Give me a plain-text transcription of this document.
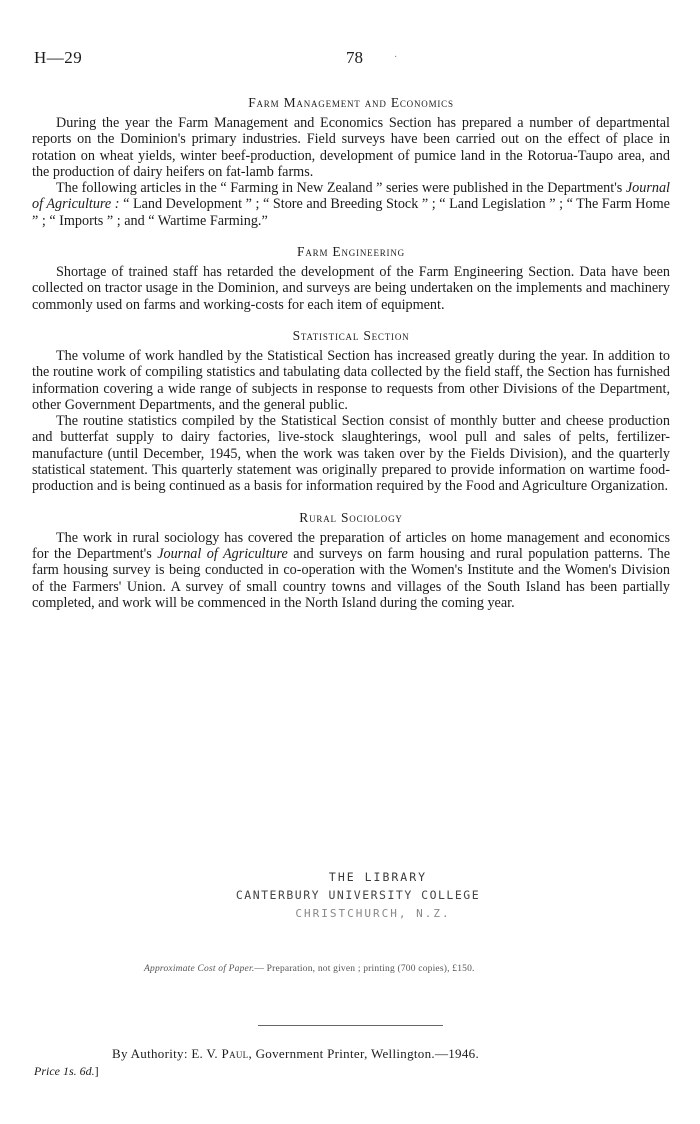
H—29	78	·
Farm Management and Economics

During the year the Farm Management and Economics Section has prepared a number of departmental reports on the Dominion's primary industries. Field surveys have been carried out on the effect of place in rotation on wheat yields, winter beef-production, development of pumice land in the Rotorua-Taupo area, and the production of dairy heifers on fat-lamb farms.

The following articles in the “ Farming in New Zealand ” series were published in the Department's Journal of Agriculture : “ Land Development ” ; “ Store and Breeding Stock ” ; “ Land Legislation ” ; “ The Farm Home ” ; “ Imports ” ; and “ Wartime Farming.”

Farm Engineering

Shortage of trained staff has retarded the development of the Farm Engineering Section. Data have been collected on tractor usage in the Dominion, and surveys are being undertaken on the implements and machinery commonly used on farms and working-costs for each item of equipment.

Statistical Section

The volume of work handled by the Statistical Section has increased greatly during the year. In addition to the routine work of compiling statistics and tabulating data collected by the field staff, the Section has furnished information covering a wide range of subjects in response to requests from other Divisions of the Department, other Government Departments, and the general public.

The routine statistics compiled by the Statistical Section consist of monthly butter and cheese production and butterfat supply to dairy factories, live-stock slaughterings, wool pull and sales of pelts, fertilizer-manufacture (until December, 1945, when the work was taken over by the Fields Division), and the quarterly statistical statement. This quarterly statement was originally prepared to provide information on wartime food-production and is being continued as a basis for information required by the Food and Agriculture Organization.

Rural Sociology

The work in rural sociology has covered the preparation of articles on home management and economics for the Department's Journal of Agriculture and surveys on farm housing and rural population patterns. The farm housing survey is being conducted in co-operation with the Women's Institute and the Women's Division of the Farmers' Union. A survey of small country towns and villages of the South Island has been partially completed, and work will be commenced in the North Island during the coming year.

THE LIBRARY
CANTERBURY UNIVERSITY COLLEGE
CHRISTCHURCH, N.Z.
Approximate Cost of Paper.— Preparation, not given ; printing (700 copies), £150.
By Authority: E. V. Paul, Government Printer, Wellington.—1946.
Price 1s. 6d.]
